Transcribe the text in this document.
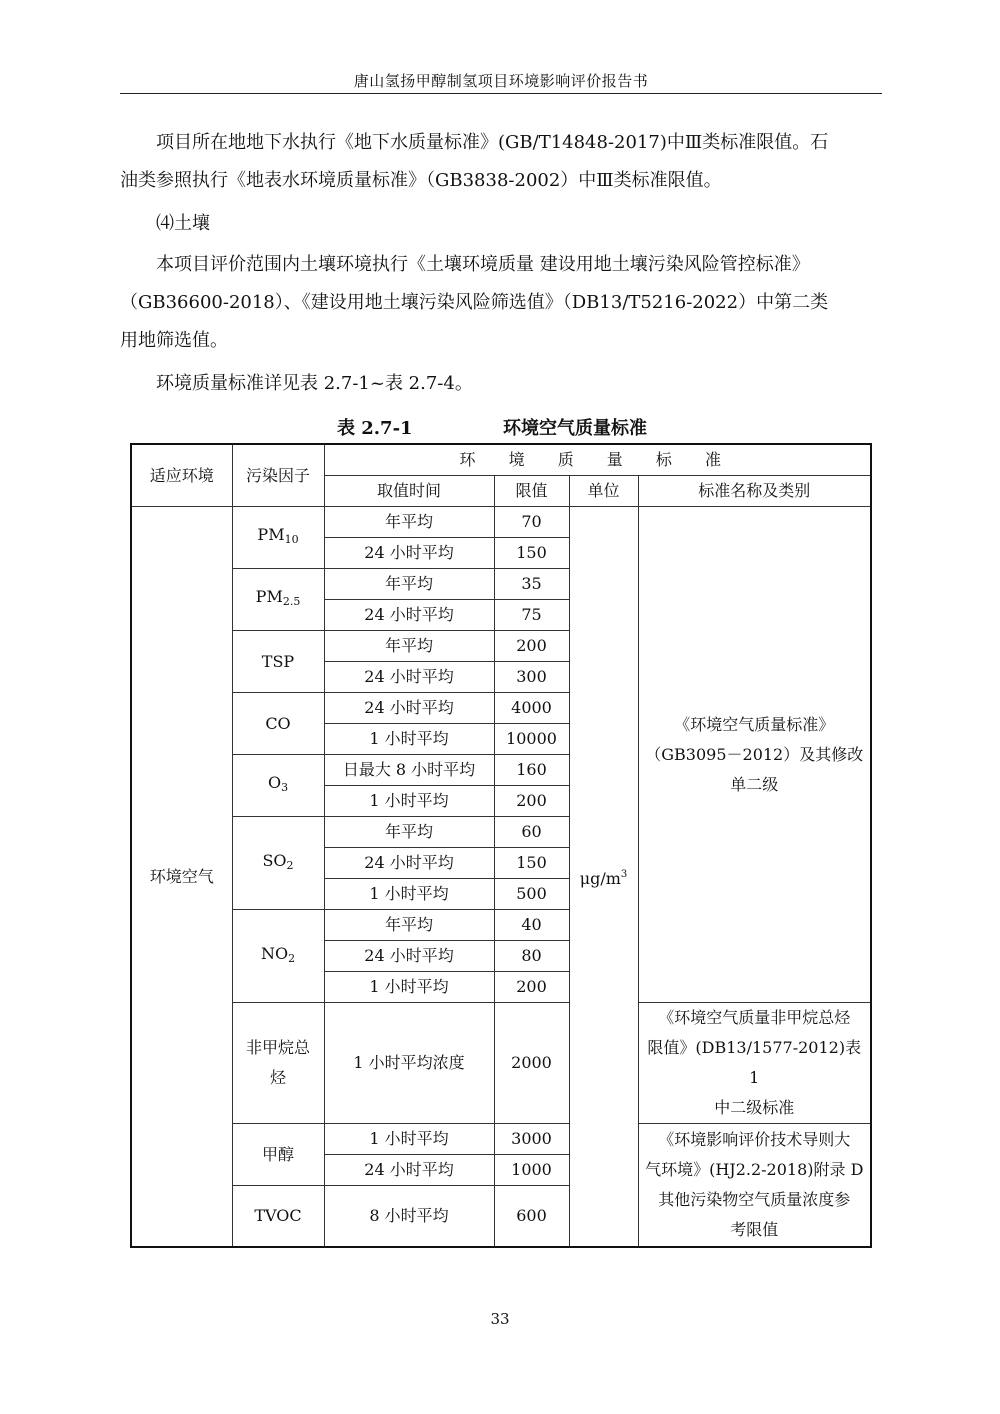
唐山氢扬甲醇制氢项目环境影响评价报告书

项目所在地地下水执行《地下水质量标准》(GB/T14848-2017)中Ⅲ类标准限值。石
油类参照执行《地表水环境质量标准》（GB3838-2002）中Ⅲ类标准限值。

⑷土壤

本项目评价范围内土壤环境执行《土壤环境质量 建设用地土壤污染风险管控标准》
（GB36600-2018）、《建设用地土壤污染风险筛选值》（DB13/T5216-2022）中第二类
用地筛选值。

环境质量标准详见表 2.7-1~表 2.7-4。

表 2.7-1	环境空气质量标准
适应环境	污染因子	环 境 质 量 标 准			
		取值时间	限值	单位	标准名称及类别
环境空气	$PM_{10}$	年平均	70	$\mu g/m^3$	《环境空气质量标准》
（GB3095－2012）及其修改
单二级

		24 小时平均	150		
	$PM_{2.5}$	年平均	35		
		24 小时平均	75		
	TSP	年平均	200		
		24 小时平均	300		
	CO	24 小时平均	4000		
		1 小时平均	10000		
	$O_3$	日最大 8 小时平均	160		
		1 小时平均	200		
	$SO_2$	年平均	60		
		24 小时平均	150		
		1 小时平均	500		
	$NO_2$	年平均	40		
		24 小时平均	80		
		1 小时平均	200		
	非甲烷总烃	1 小时平均浓度	2000		《环境空气质量非甲烷总烃
限值》(DB13/1577-2012)表 1
中二级标准

	甲醇	1 小时平均	3000		《环境影响评价技术导则大
气环境》(HJ2.2-2018)附录 D
其他污染物空气质量浓度参
考限值

		24 小时平均	1000		
	TVOC	8 小时平均	600		
33
